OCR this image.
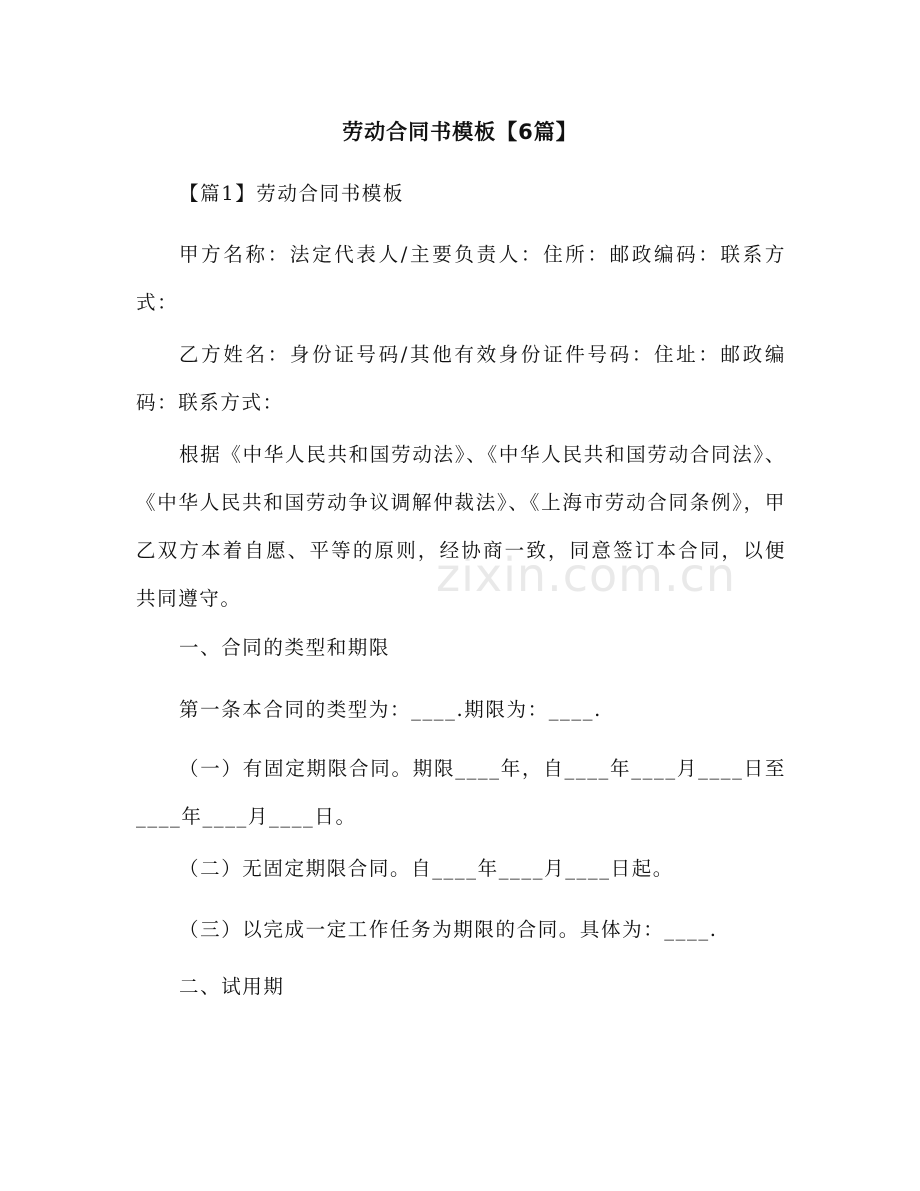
zixin.com.cn
劳动合同书模板【6篇】

【篇1】劳动合同书模板

甲方名称：法定代表人/主要负责人：住所：邮政编码：联系方式：

乙方姓名：身份证号码/其他有效身份证件号码：住址：邮政编码：联系方式：

根据《中华人民共和国劳动法》、《中华人民共和国劳动合同法》、《中华人民共和国劳动争议调解仲裁法》、《上海市劳动合同条例》，甲乙双方本着自愿、平等的原则，经协商一致，同意签订本合同，以便共同遵守。

一、合同的类型和期限

第一条本合同的类型为：____.期限为：____.

（一）有固定期限合同。期限____年，自____年____月____日至____年____月____日。

（二）无固定期限合同。自____年____月____日起。

（三）以完成一定工作任务为期限的合同。具体为：____.

二、试用期
